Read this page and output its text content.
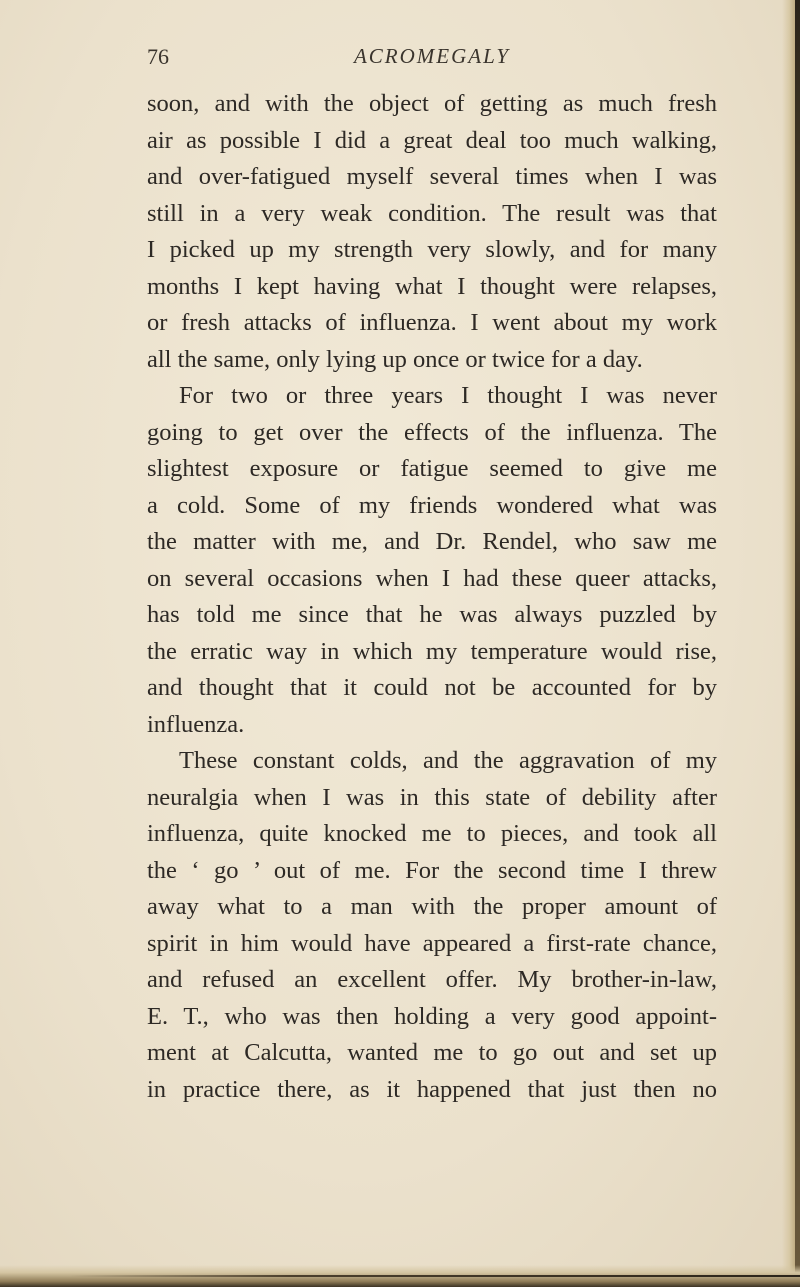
76	ACROMEGALY
soon, and with the object of getting as much fresh
air as possible I did a great deal too much walking,
and over-fatigued myself several times when I was
still in a very weak condition. The result was that
I picked up my strength very slowly, and for many
months I kept having what I thought were relapses,
or fresh attacks of influenza. I went about my work
all the same, only lying up once or twice for a day.
For two or three years I thought I was never
going to get over the effects of the influenza. The
slightest exposure or fatigue seemed to give me
a cold. Some of my friends wondered what was
the matter with me, and Dr. Rendel, who saw me
on several occasions when I had these queer attacks,
has told me since that he was always puzzled by
the erratic way in which my temperature would rise,
and thought that it could not be accounted for by
influenza.
These constant colds, and the aggravation of my
neuralgia when I was in this state of debility after
influenza, quite knocked me to pieces, and took all
the ‘ go ’ out of me. For the second time I threw
away what to a man with the proper amount of
spirit in him would have appeared a first-rate chance,
and refused an excellent offer. My brother-in-law,
E. T., who was then holding a very good appoint-
ment at Calcutta, wanted me to go out and set up
in practice there, as it happened that just then no
